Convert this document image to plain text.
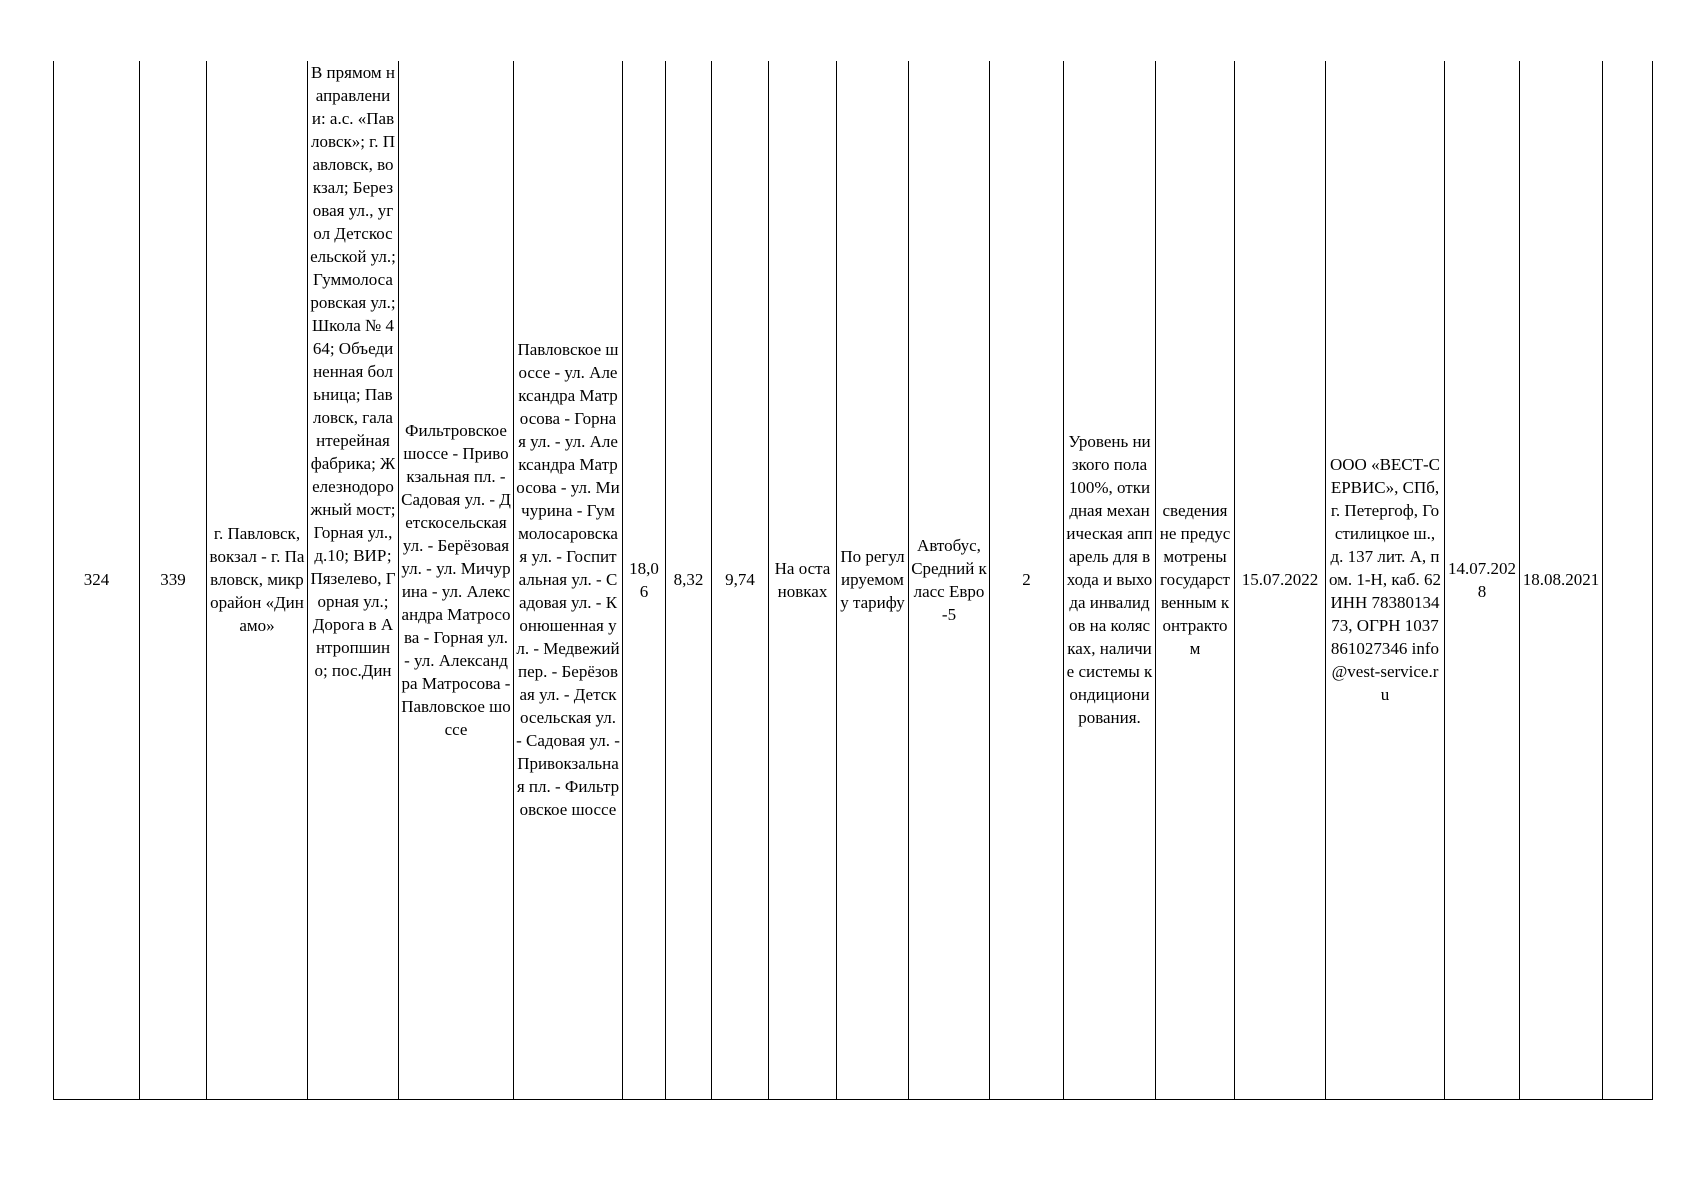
324	339	г. Павловск, вокзал - г. Павловск, микрорайон «Динамо»	В прямом направлении: а.с. «Павловск»; г. Павловск, вокзал; Березовая ул., угол Детскосельской ул.; Гуммолосаровская ул.; Школа № 464; Объединенная больница; Павловск, галантерейная фабрика; Железнодорожный мост; Горная ул., д.10; ВИР; Пязелево, Горная ул.; Дорога в Антропшино; пос.Дин	Фильтровское шоссе - Привокзальная пл. - Садовая ул. - Детскосельская ул. - Берёзовая ул. - ул. Мичурина - ул. Александра Матросова - Горная ул. - ул. Александра Матросова - Павловское шоссе	Павловское шоссе - ул. Александра Матросова - Горная ул. - ул. Александра Матросова - ул. Мичурина - Гуммолосаровская ул. - Госпитальная ул. - Садовая ул. - Конюшенная ул. - Медвежий пер. - Берёзовая ул. - Детскосельская ул. - Садовая ул. - Привокзальная пл. - Фильтровское шоссе	18,06	8,32	9,74	На остановках	По регулируемому тарифу	Автобус, Средний класс Евро-5	2	Уровень низкого пола 100%, откидная механическая аппарель для входа и выхода инвалидов на колясках, наличие системы кондиционирования.	сведения не предусмотрены государственным контрактом	15.07.2022	ООО «ВЕСТ-СЕРВИС», СПб, г. Петергоф, Гостилицкое ш., д. 137 лит. А, пом. 1-Н, каб. 62 ИНН 7838013473, ОГРН 1037861027346 info@vest-service.ru	14.07.2028	18.08.2021	
